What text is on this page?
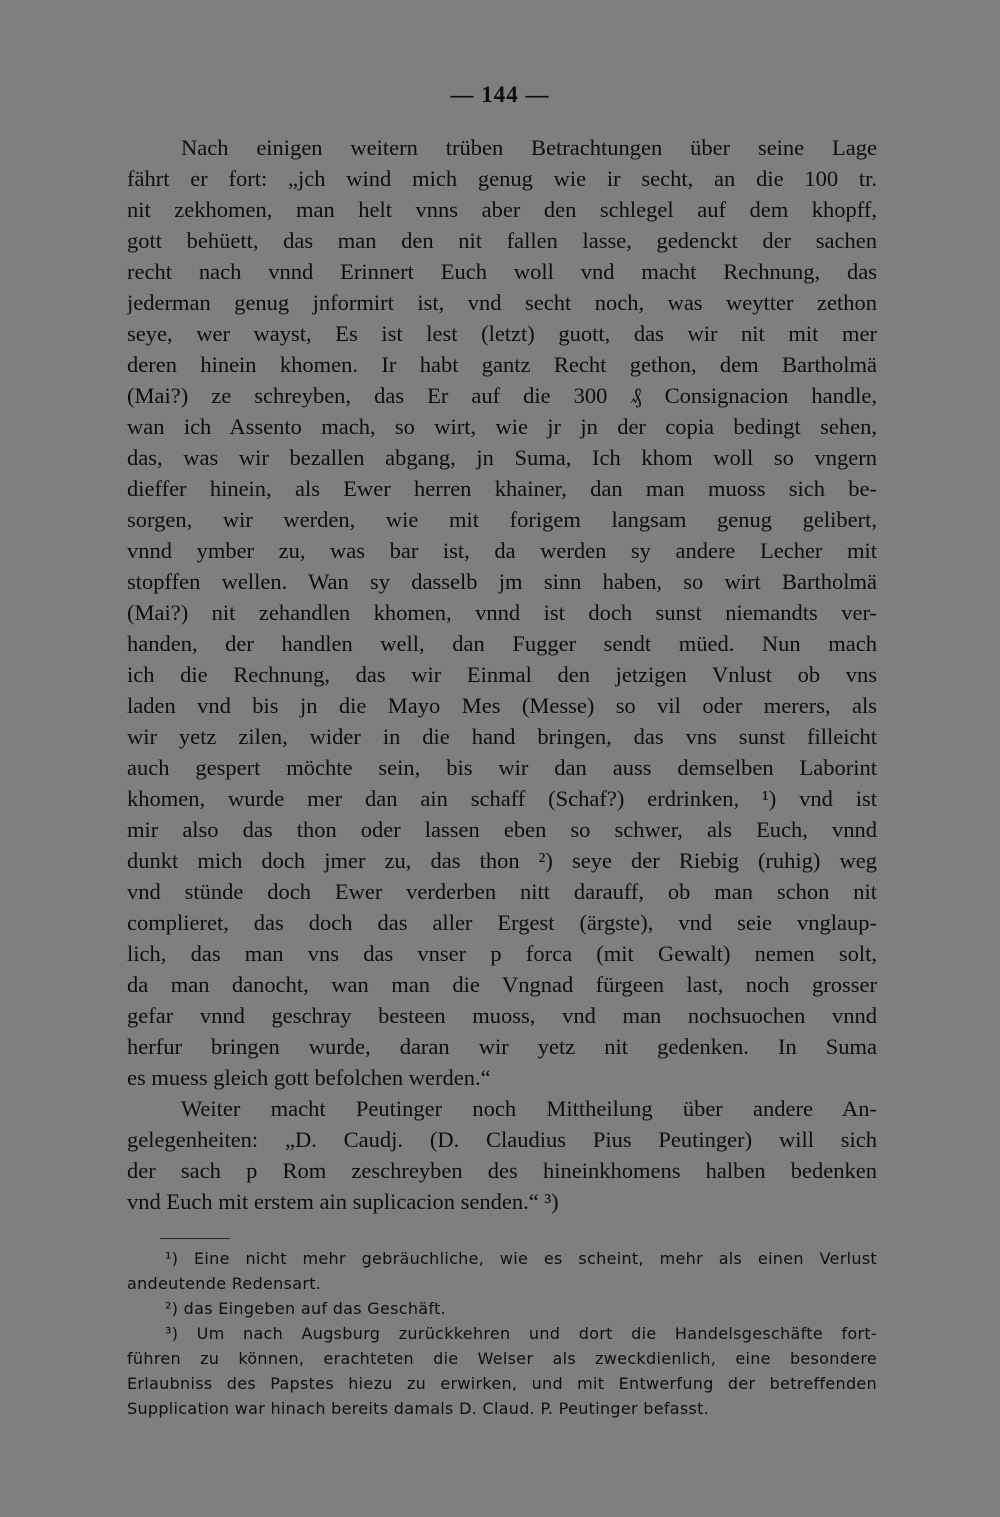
— 144 —
Nach einigen weitern trüben Betrachtungen über seine Lage
fährt er fort: „jch wind mich genug wie ir secht, an die 100 tr.
nit zekhomen, man helt vnns aber den schlegel auf dem khopff,
gott behüett, das man den nit fallen lasse, gedenckt der sachen
recht nach vnnd Erinnert Euch woll vnd macht Rechnung, das
jederman genug jnformirt ist, vnd secht noch, was weytter zethon
seye, wer wayst, Es ist lest (letzt) guott, das wir nit mit mer
deren hinein khomen. Ir habt gantz Recht gethon, dem Bartholmä
(Mai?) ze schreyben, das Er auf die 300 ₰ Consignacion handle,
wan ich Assento mach, so wirt, wie jr jn der copia bedingt sehen,
das, was wir bezallen abgang, jn Suma, Ich khom woll so vngern
dieffer hinein, als Ewer herren khainer, dan man muoss sich be-
sorgen, wir werden, wie mit forigem langsam genug gelibert,
vnnd ymber zu, was bar ist, da werden sy andere Lecher mit
stopffen wellen. Wan sy dasselb jm sinn haben, so wirt Bartholmä
(Mai?) nit zehandlen khomen, vnnd ist doch sunst niemandts ver-
handen, der handlen well, dan Fugger sendt müed. Nun mach
ich die Rechnung, das wir Einmal den jetzigen Vnlust ob vns
laden vnd bis jn die Mayo Mes (Messe) so vil oder merers, als
wir yetz zilen, wider in die hand bringen, das vns sunst filleicht
auch gespert möchte sein, bis wir dan auss demselben Laborint
khomen, wurde mer dan ain schaff (Schaf?) erdrinken, ¹) vnd ist
mir also das thon oder lassen eben so schwer, als Euch, vnnd
dunkt mich doch jmer zu, das thon ²) seye der Riebig (ruhig) weg
vnd stünde doch Ewer verderben nitt darauff, ob man schon nit
complieret, das doch das aller Ergest (ärgste), vnd seie vnglaup-
lich, das man vns das vnser p forca (mit Gewalt) nemen solt,
da man danocht, wan man die Vngnad fürgeen last, noch grosser
gefar vnnd geschray besteen muoss, vnd man nochsuochen vnnd
herfur bringen wurde, daran wir yetz nit gedenken. In Suma
es muess gleich gott befolchen werden.“
Weiter macht Peutinger noch Mittheilung über andere An-
gelegenheiten: „D. Caudj. (D. Claudius Pius Peutinger) will sich
der sach p Rom zeschreyben des hineinkhomens halben bedenken
vnd Euch mit erstem ain suplicacion senden.“ ³)
¹) Eine nicht mehr gebräuchliche, wie es scheint, mehr als einen Verlust
andeutende Redensart.
²) das Eingeben auf das Geschäft.
³) Um nach Augsburg zurückkehren und dort die Handelsgeschäfte fort-
führen zu können, erachteten die Welser als zweckdienlich, eine besondere
Erlaubniss des Papstes hiezu zu erwirken, und mit Entwerfung der betreffenden
Supplication war hinach bereits damals D. Claud. P. Peutinger befasst.
